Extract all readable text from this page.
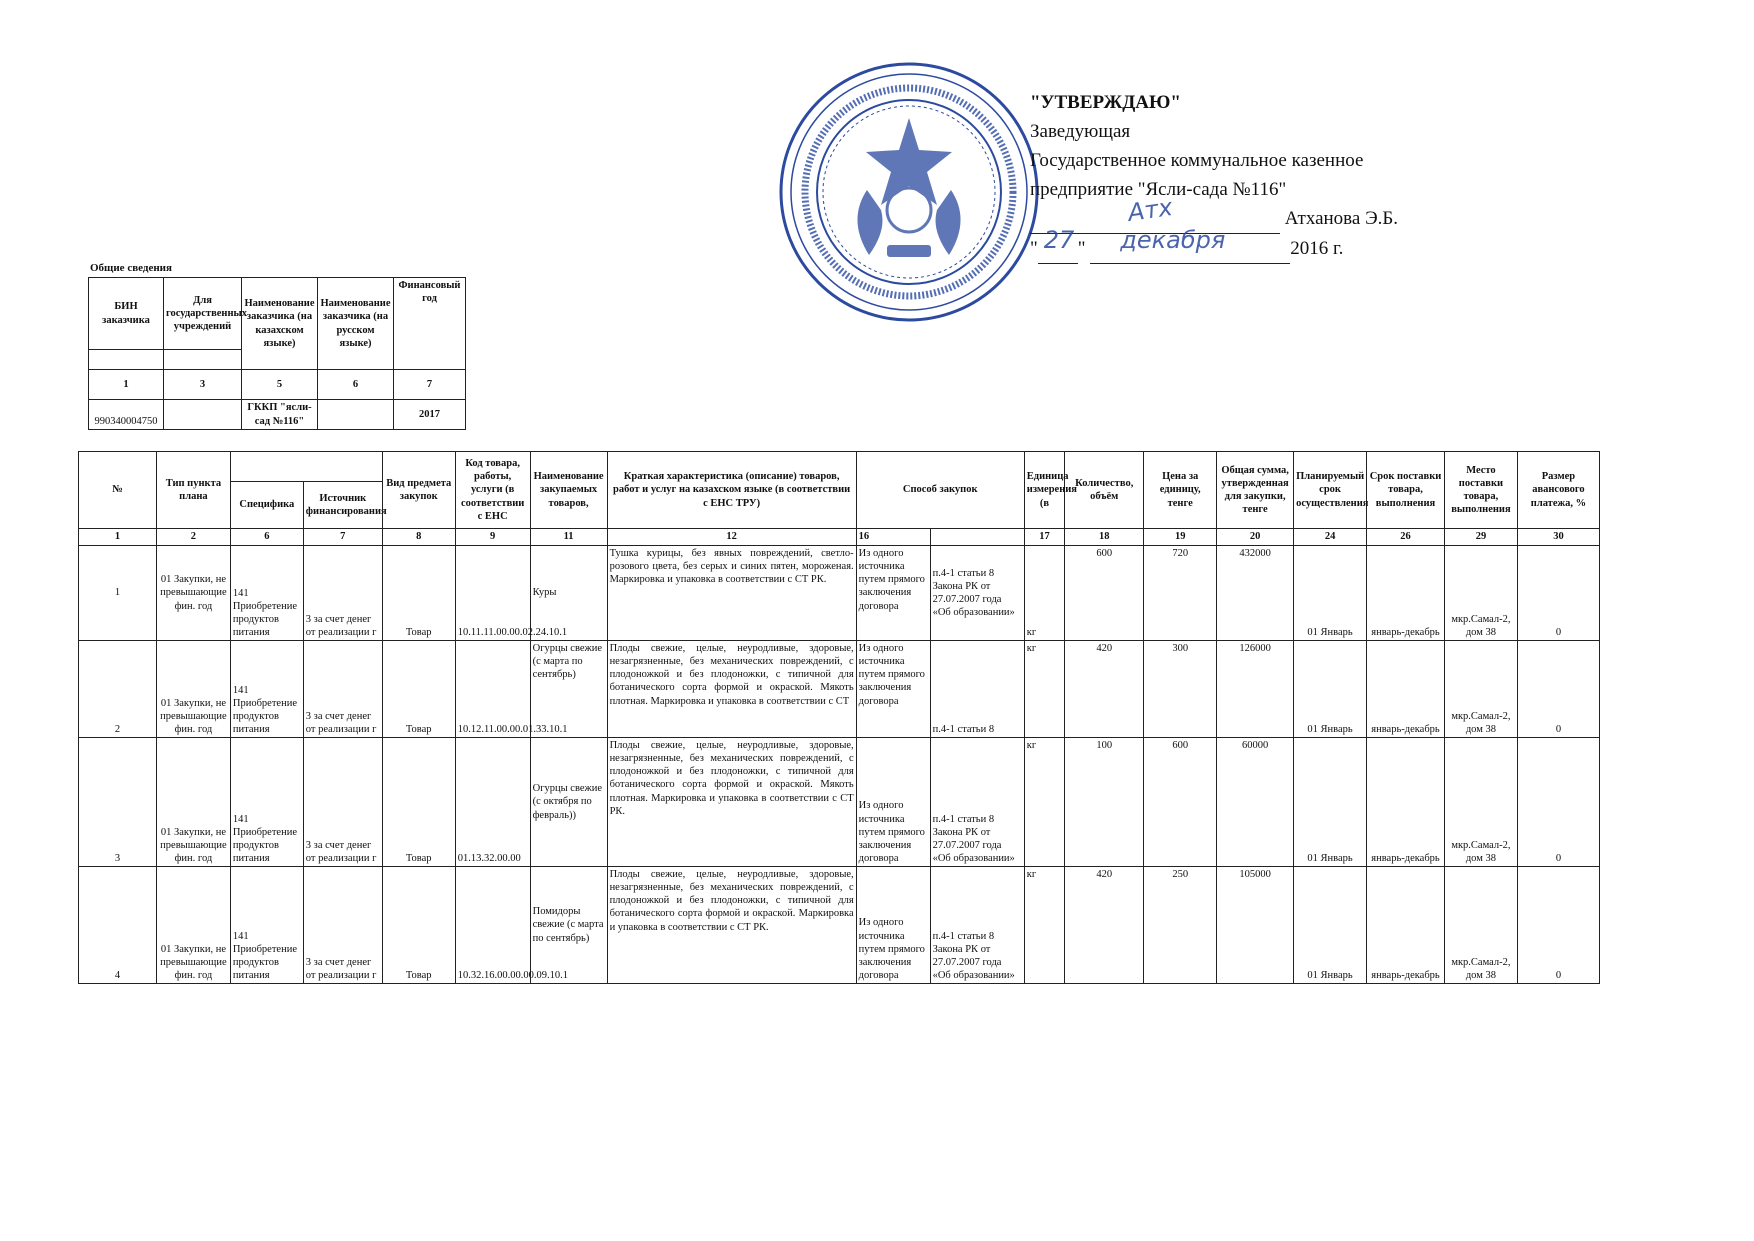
"УТВЕРЖДАЮ"
Заведующая
Государственное коммунальное казенное
предприятие "Ясли-сада №116"
Атханова Э.Б.
Атх
" 27 " декабря	2016 г.
Общие сведения
БИН заказчика	Для государственных учреждений	Наименование заказчика (на казахском языке)	Наименование заказчика (на русском языке)	Финансовый год

1	3	5	6	7
990340004750		ГККП "ясли-сад №116"		2017
№	Тип пункта плана			Вид предмета закупок	Код товара, работы, услуги (в соответствии с ЕНС	Наименование закупаемых товаров,	Краткая характеристика (описание) товаров, работ и услуг на казахском языке (в соответствии с ЕНС ТРУ)	Способ закупок		Единица измерения (в	Количество, объём	Цена за единицу, тенге	Общая сумма, утвержденная для закупки, тенге	Планируемый срок осуществления	Срок поставки товара, выполнения	Место поставки товара, выполнения	Размер авансового платежа, %
		Специфика	Источник финансирования														
1	2	6	7	8	9	11	12	16		17	18	19	20	24	26	29	30
1	01 Закупки, не превышающие фин. год	141 Приобретение продуктов питания	3 за счет денег от реализации г	Товар	10.11.11.00.00.02.24.10.1	Куры	Тушка курицы, без явных повреждений, светло-розового цвета, без серых и синих пятен, мороженая. Маркировка и упаковка в соответствии с СТ РК.	Из одного источника путем прямого заключения договора	п.4-1 статьи 8 Закона РК от 27.07.2007 года «Об образовании»	кг	600	720	432000	01 Январь	январь-декабрь	мкр.Самал-2, дом 38	0
2	01 Закупки, не превышающие фин. год	141 Приобретение продуктов питания	3 за счет денег от реализации г	Товар	10.12.11.00.00.01.33.10.1	Огурцы свежие (с марта по сентябрь)	Плоды свежие, целые, неуродливые, здоровые, незагрязненные, без механических повреждений, с плодоножкой и без плодоножки, с типичной для ботанического сорта формой и окраской. Мякоть плотная. Маркировка и упаковка в соответствии с СТ	Из одного источника путем прямого заключения договора	п.4-1 статьи 8	кг	420	300	126000	01 Январь	январь-декабрь	мкр.Самал-2, дом 38	0
3	01 Закупки, не превышающие фин. год	141 Приобретение продуктов питания	3 за счет денег от реализации г	Товар	01.13.32.00.00	Огурцы свежие (с октября по февраль))	Плоды свежие, целые, неуродливые, здоровые, незагрязненные, без механических повреждений, с плодоножкой и без плодоножки, с типичной для ботанического сорта формой и окраской. Мякоть плотная. Маркировка и упаковка в соответствии с СТ РК.	Из одного источника путем прямого заключения договора	п.4-1 статьи 8 Закона РК от 27.07.2007 года «Об образовании»	кг	100	600	60000	01 Январь	январь-декабрь	мкр.Самал-2, дом 38	0
4	01 Закупки, не превышающие фин. год	141 Приобретение продуктов питания	3 за счет денег от реализации г	Товар	10.32.16.00.00.00.09.10.1	Помидоры свежие (с марта по сентябрь)	Плоды свежие, целые, неуродливые, здоровые, незагрязненные, без механических повреждений, с плодоножкой и без плодоножки, с типичной для ботанического сорта формой и окраской. Маркировка и упаковка в соответствии с СТ РК.	Из одного источника путем прямого заключения договора	п.4-1 статьи 8 Закона РК от 27.07.2007 года «Об образовании»	кг	420	250	105000	01 Январь	январь-декабрь	мкр.Самал-2, дом 38	0
